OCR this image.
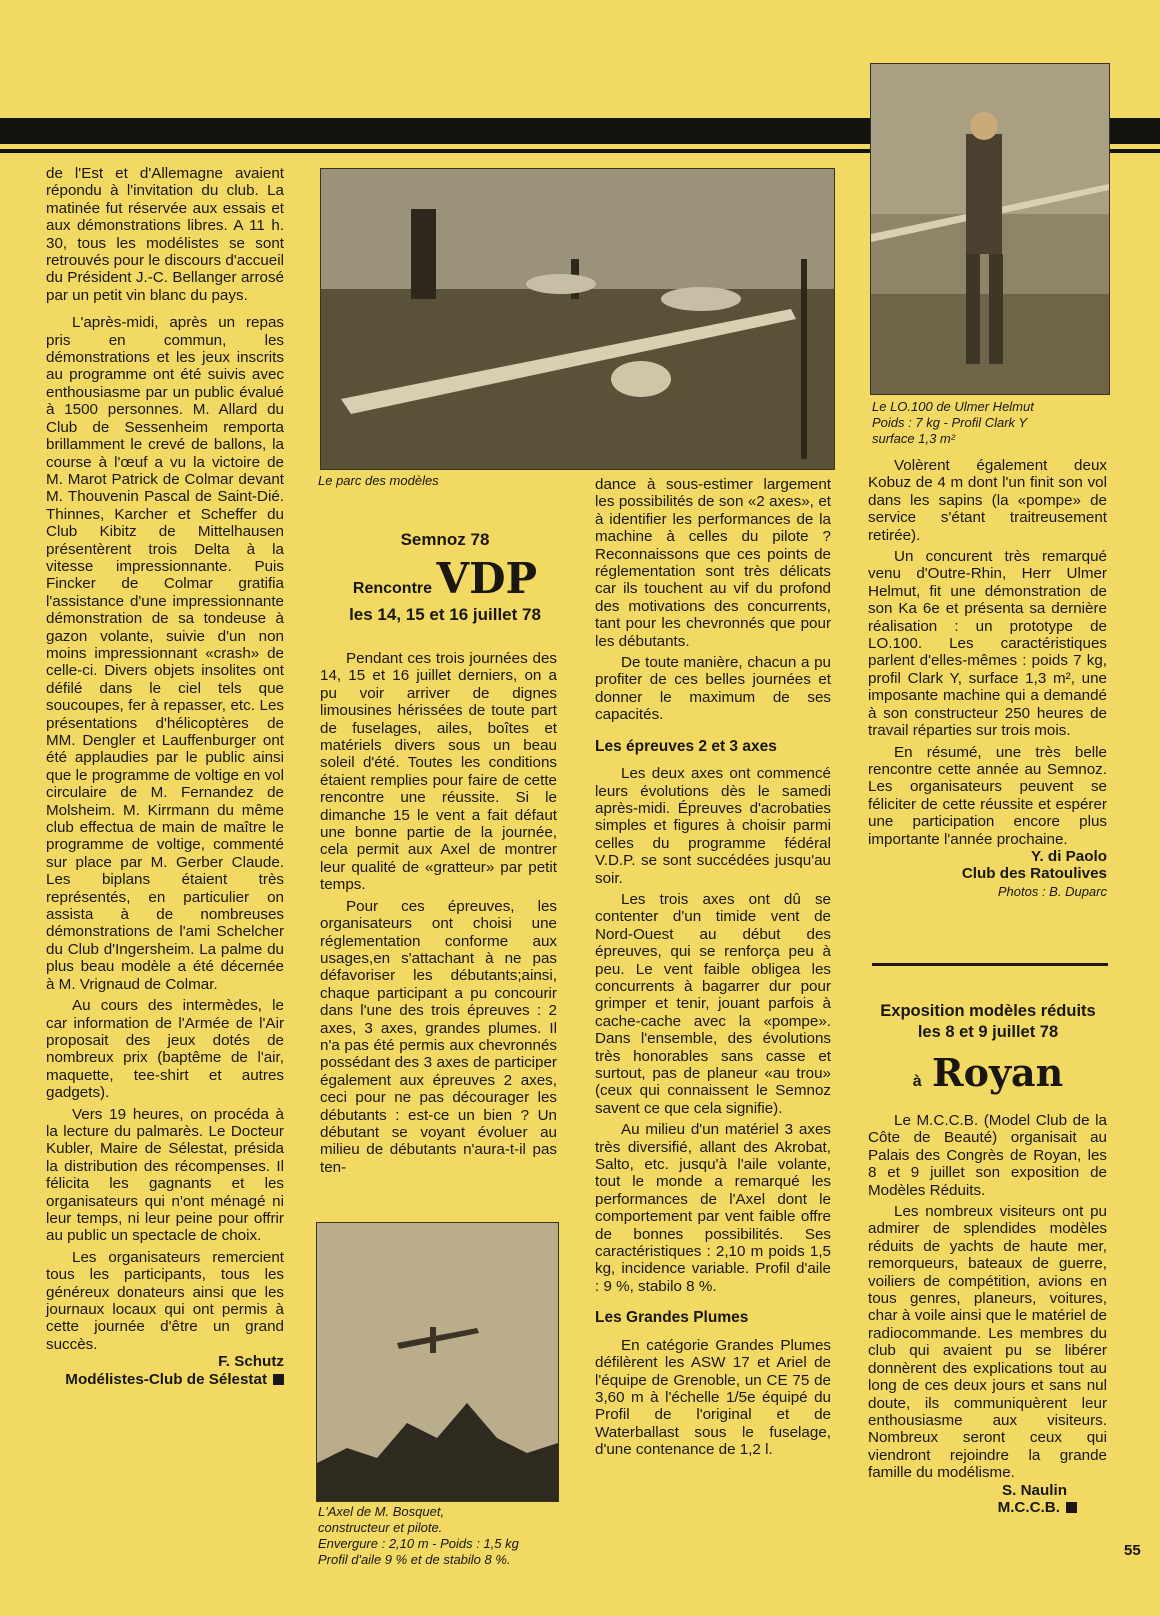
de l'Est et d'Allemagne avaient répondu à l'invitation du club. La matinée fut réservée aux essais et aux démonstrations libres. A 11 h. 30, tous les modélistes se sont retrouvés pour le discours d'accueil du Président J.-C. Bellanger arrosé par un petit vin blanc du pays.

L'après-midi, après un repas pris en commun, les démonstrations et les jeux inscrits au programme ont été suivis avec enthousiasme par un public évalué à 1500 personnes. M. Allard du Club de Sessenheim remporta brillamment le crevé de ballons, la course à l'œuf a vu la victoire de M. Marot Patrick de Colmar devant M. Thouvenin Pascal de Saint-Dié. Thinnes, Karcher et Scheffer du Club Kibitz de Mittelhausen présentèrent trois Delta à la vitesse impressionnante. Puis Fincker de Colmar gratifia l'assistance d'une impressionnante démonstration de sa tondeuse à gazon volante, suivie d'un non moins impressionnant «crash» de celle-ci. Divers objets insolites ont défilé dans le ciel tels que soucoupes, fer à repasser, etc. Les présentations d'hélicoptères de MM. Dengler et Lauffenburger ont été applaudies par le public ainsi que le programme de voltige en vol circulaire de M. Fernandez de Molsheim. M. Kirrmann du même club effectua de main de maître le programme de voltige, commenté sur place par M. Gerber Claude. Les biplans étaient très représentés, en particulier on assista à de nombreuses démonstrations de l'ami Schelcher du Club d'Ingersheim. La palme du plus beau modèle a été décernée à M. Vrignaud de Colmar.

Au cours des intermèdes, le car information de l'Armée de l'Air proposait des jeux dotés de nombreux prix (baptême de l'air, maquette, tee-shirt et autres gadgets).

Vers 19 heures, on procéda à la lecture du palmarès. Le Docteur Kubler, Maire de Sélestat, présida la distribution des récompenses. Il félicita les gagnants et les organisateurs qui n'ont ménagé ni leur temps, ni leur peine pour offrir au public un spectacle de choix.

Les organisateurs remercient tous les participants, tous les généreux donateurs ainsi que les journaux locaux qui ont permis à cette journée d'être un grand succès.

F. Schutz
Modélistes-Club de Sélestat
Le parc des modèles
Semnoz 78
Rencontre VDP
les 14, 15 et 16 juillet 78

Pendant ces trois journées des 14, 15 et 16 juillet derniers, on a pu voir arriver de dignes limousines hérissées de toute part de fuselages, ailes, boîtes et matériels divers sous un beau soleil d'été. Toutes les conditions étaient remplies pour faire de cette rencontre une réussite. Si le dimanche 15 le vent a fait défaut une bonne partie de la journée, cela permit aux Axel de montrer leur qualité de «gratteur» par petit temps.

Pour ces épreuves, les organisateurs ont choisi une réglementation conforme aux usages,en s'attachant à ne pas défavoriser les débutants;ainsi, chaque participant a pu concourir dans l'une des trois épreuves : 2 axes, 3 axes, grandes plumes. Il n'a pas été permis aux chevronnés possédant des 3 axes de participer également aux épreuves 2 axes, ceci pour ne pas décourager les débutants : est-ce un bien ? Un débutant se voyant évoluer au milieu de débutants n'aura-t-il pas ten-

L'Axel de M. Bosquet,
constructeur et pilote.
Envergure : 2,10 m - Poids : 1,5 kg
Profil d'aile 9 % et de stabilo 8 %.

dance à sous-estimer largement les possibilités de son «2 axes», et à identifier les performances de la machine à celles du pilote ? Reconnaissons que ces points de réglementation sont très délicats car ils touchent au vif du profond des motivations des concurrents, tant pour les chevronnés que pour les débutants.

De toute manière, chacun a pu profiter de ces belles journées et donner le maximum de ses capacités.

Les épreuves 2 et 3 axes

Les deux axes ont commencé leurs évolutions dès le samedi après-midi. Épreuves d'acrobaties simples et figures à choisir parmi celles du programme fédéral V.D.P. se sont succédées jusqu'au soir.

Les trois axes ont dû se contenter d'un timide vent de Nord-Ouest au début des épreuves, qui se renforça peu à peu. Le vent faible obligea les concurrents à bagarrer dur pour grimper et tenir, jouant parfois à cache-cache avec la «pompe». Dans l'ensemble, des évolutions très honorables sans casse et surtout, pas de planeur «au trou» (ceux qui connaissent le Semnoz savent ce que cela signifie).

Au milieu d'un matériel 3 axes très diversifié, allant des Akrobat, Salto, etc. jusqu'à l'aile volante, tout le monde a remarqué les performances de l'Axel dont le comportement par vent faible offre de bonnes possibilités. Ses caractéristiques : 2,10 m poids 1,5 kg, incidence variable. Profil d'aile : 9 %, stabilo 8 %.

Les Grandes Plumes

En catégorie Grandes Plumes défilèrent les ASW 17 et Ariel de l'équipe de Grenoble, un CE 75 de 3,60 m à l'échelle 1/5e équipé du Profil de l'original et de Waterballast sous le fuselage, d'une contenance de 1,2 l.

Le LO.100 de Ulmer Helmut
Poids : 7 kg - Profil Clark Y
surface 1,3 m²

Volèrent également deux Kobuz de 4 m dont l'un finit son vol dans les sapins (la «pompe» de service s'étant traitreusement retirée).

Un concurent très remarqué venu d'Outre-Rhin, Herr Ulmer Helmut, fit une démonstration de son Ka 6e et présenta sa dernière réalisation : un prototype de LO.100. Les caractéristiques parlent d'elles-mêmes : poids 7 kg, profil Clark Y, surface 1,3 m², une imposante machine qui a demandé à son constructeur 250 heures de travail réparties sur trois mois.

En résumé, une très belle rencontre cette année au Semnoz. Les organisateurs peuvent se féliciter de cette réussite et espérer une participation encore plus importante l'année prochaine.

Y. di Paolo
Club des Ratoulives
Photos : B. Duparc
Exposition modèles réduits
les 8 et 9 juillet 78
à Royan

Le M.C.C.B. (Model Club de la Côte de Beauté) organisait au Palais des Congrès de Royan, les 8 et 9 juillet son exposition de Modèles Réduits.

Les nombreux visiteurs ont pu admirer de splendides modèles réduits de yachts de haute mer, remorqueurs, bateaux de guerre, voiliers de compétition, avions en tous genres, planeurs, voitures, char à voile ainsi que le matériel de radiocommande. Les membres du club qui avaient pu se libérer donnèrent des explications tout au long de ces deux jours et sans nul doute, ils communiquèrent leur enthousiasme aux visiteurs. Nombreux seront ceux qui viendront rejoindre la grande famille du modélisme.

S. Naulin
M.C.C.B.
55
